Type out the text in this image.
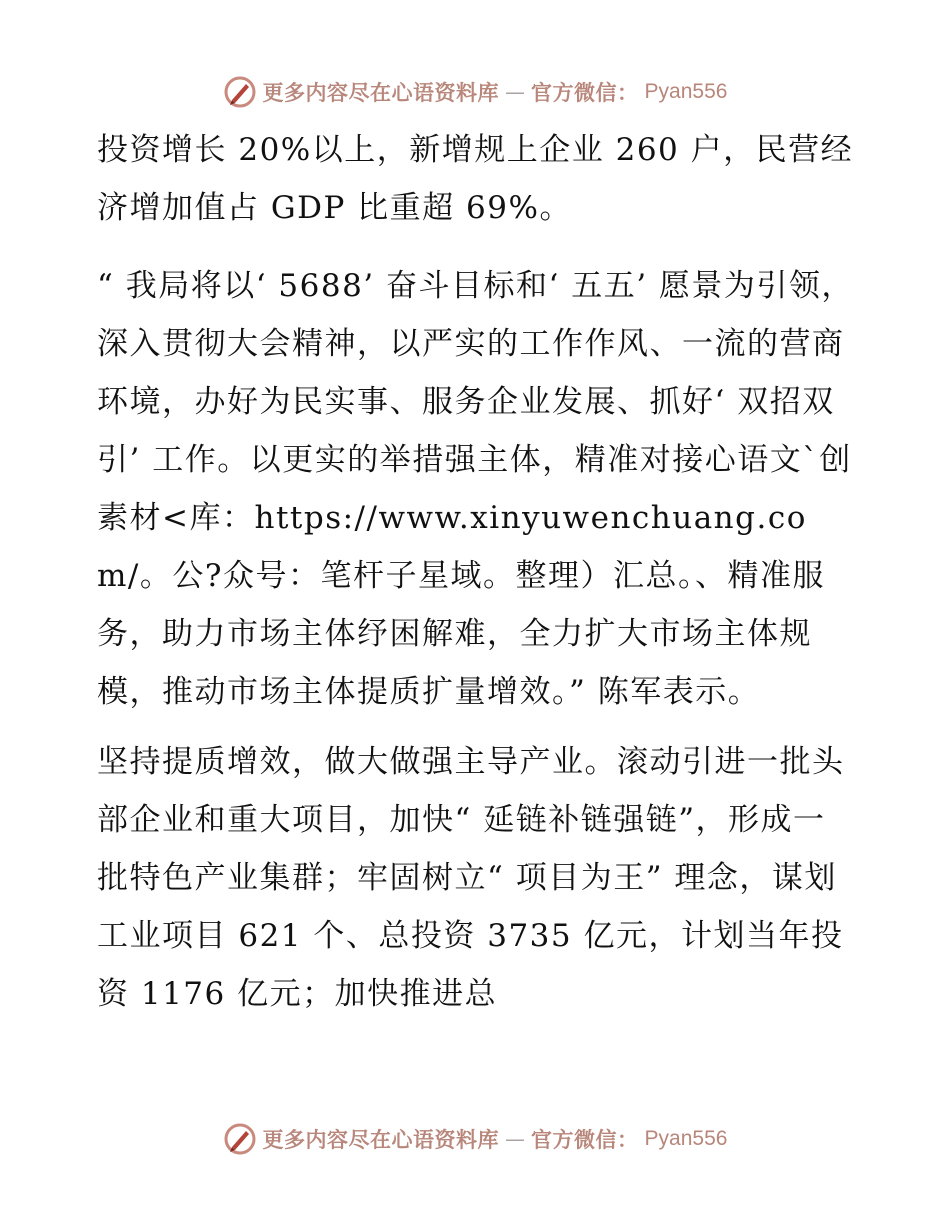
更多内容尽在心语资料库 — 官方微信： Pyan556

投资增长 20%以上，新增规上企业 260 户，民营经济增加值占 GDP 比重超 69%。

“ 我局将以‘ 5688’ 奋斗目标和‘ 五五’ 愿景为引领，深入贯彻大会精神，以严实的工作作风、一流的营商环境，办好为民实事、服务企业发展、抓好‘ 双招双引’ 工作。以更实的举措强主体，精准对接心语文`创素材<库：https://www.xinyuwenchuang.com/。公?众号：笔杆子星域。整理）汇总。、精准服务，助力市场主体纾困解难，全力扩大市场主体规模，推动市场主体提质扩量增效。” 陈军表示。

坚持提质增效，做大做强主导产业。滚动引进一批头部企业和重大项目，加快“ 延链补链强链”，形成一批特色产业集群；牢固树立“ 项目为王” 理念，谋划工业项目 621 个、总投资 3735 亿元，计划当年投资 1176 亿元；加快推进总

更多内容尽在心语资料库 — 官方微信： Pyan556
